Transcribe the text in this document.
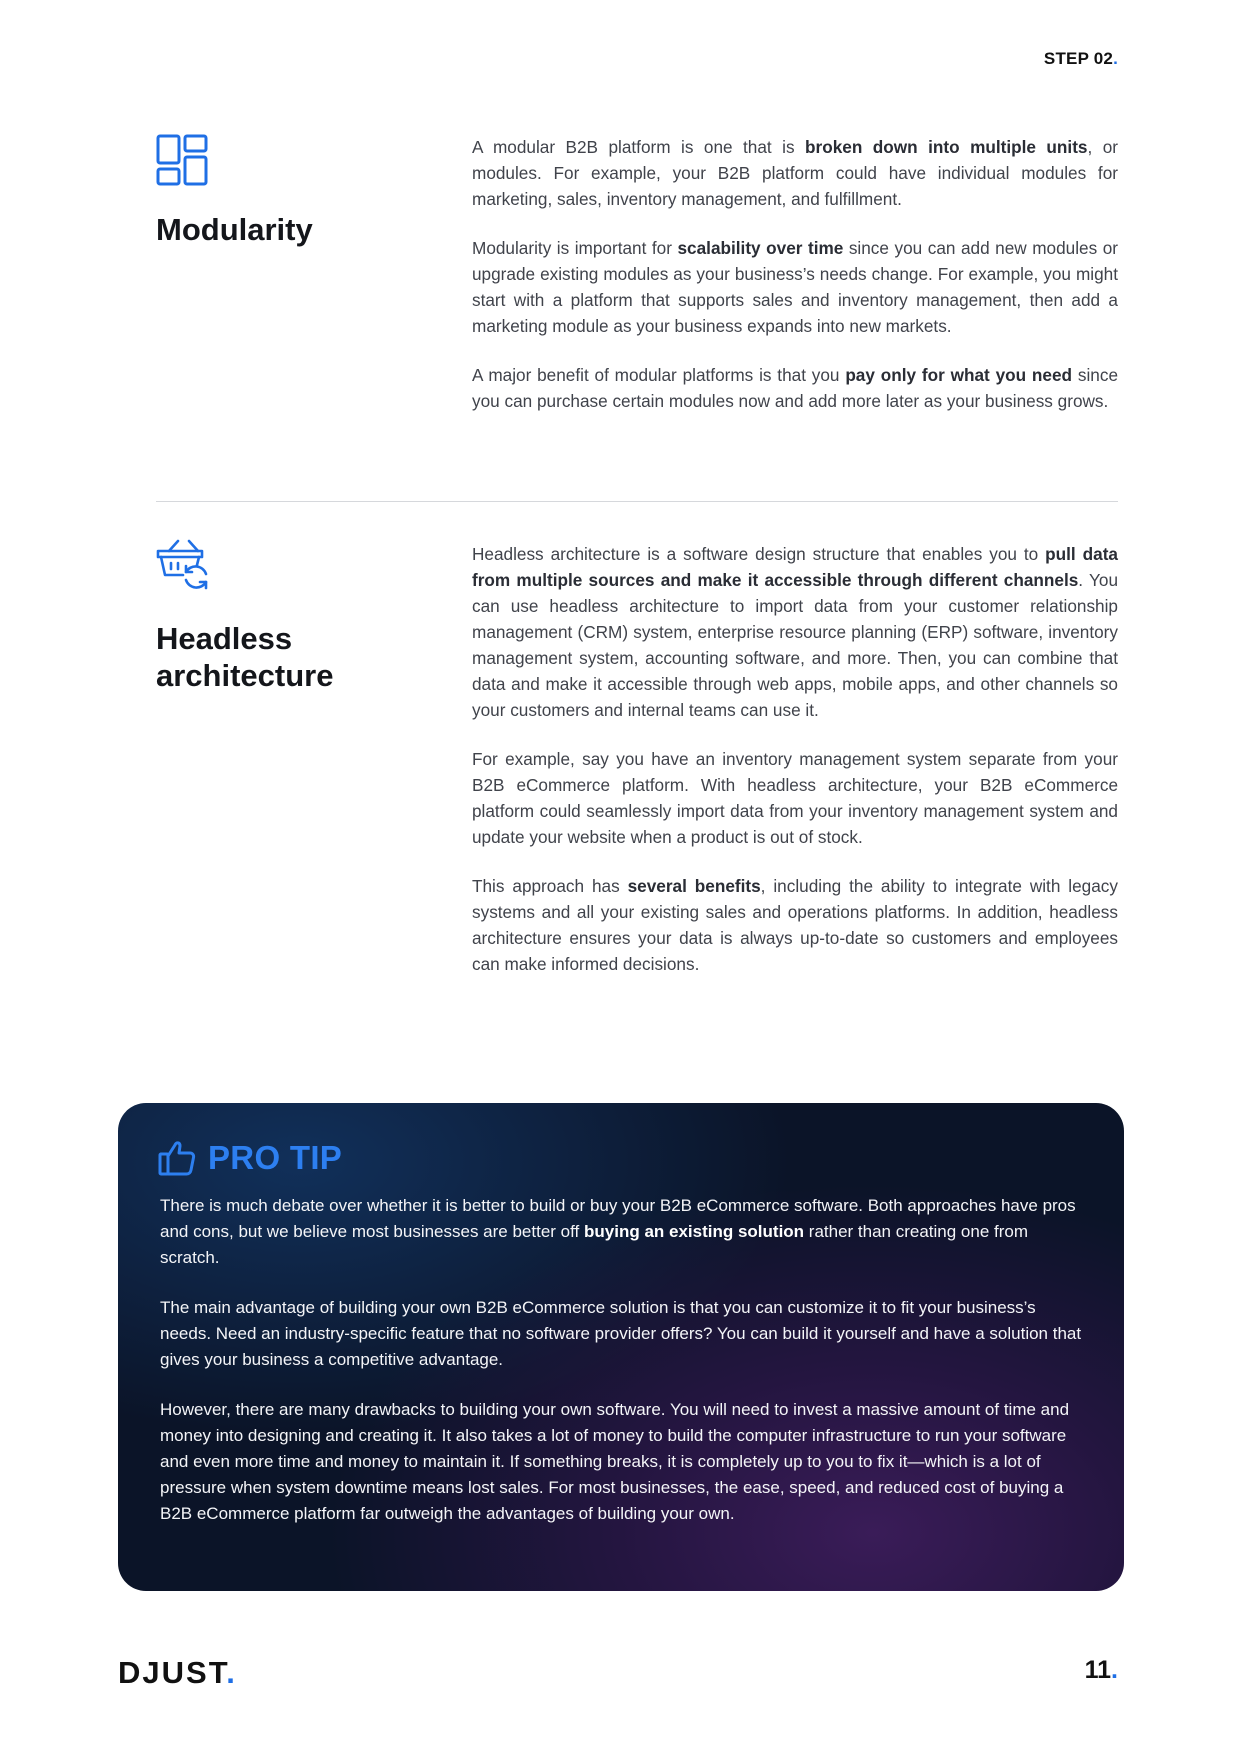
STEP 02.
Modularity

A modular B2B platform is one that is broken down into multiple units, or modules. For example, your B2B platform could have individual modules for marketing, sales, inventory management, and fulfillment.

Modularity is important for scalability over time since you can add new modules or upgrade existing modules as your business’s needs change. For example, you might start with a platform that supports sales and inventory management, then add a marketing module as your business expands into new markets.

A major benefit of modular platforms is that you pay only for what you need since you can purchase certain modules now and add more later as your business grows.

Headless
architecture

Headless architecture is a software design structure that enables you to pull data from multiple sources and make it accessible through different channels. You can use headless architecture to import data from your customer relationship management (CRM) system, enterprise resource planning (ERP) software, inventory management system, accounting software, and more. Then, you can combine that data and make it accessible through web apps, mobile apps, and other channels so your customers and internal teams can use it.

For example, say you have an inventory management system separate from your B2B eCommerce platform. With headless architecture, your B2B eCommerce platform could seamlessly import data from your inventory management system and update your website when a product is out of stock.

This approach has several benefits, including the ability to integrate with legacy systems and all your existing sales and operations platforms. In addition, headless architecture ensures your data is always up-to-date so customers and employees can make informed decisions.

PRO TIP

There is much debate over whether it is better to build or buy your B2B eCommerce software. Both approaches have pros and cons, but we believe most businesses are better off buying an existing solution rather than creating one from scratch.

The main advantage of building your own B2B eCommerce solution is that you can customize it to fit your business’s needs. Need an industry-specific feature that no software provider offers? You can build it yourself and have a solution that gives your business a competitive advantage.

However, there are many drawbacks to building your own software. You will need to invest a massive amount of time and money into designing and creating it. It also takes a lot of money to build the computer infrastructure to run your software and even more time and money to maintain it. If something breaks, it is completely up to you to fix it—which is a lot of pressure when system downtime means lost sales. For most businesses, the ease, speed, and reduced cost of buying a B2B eCommerce platform far outweigh the advantages of building your own.

DJUST.	11.
